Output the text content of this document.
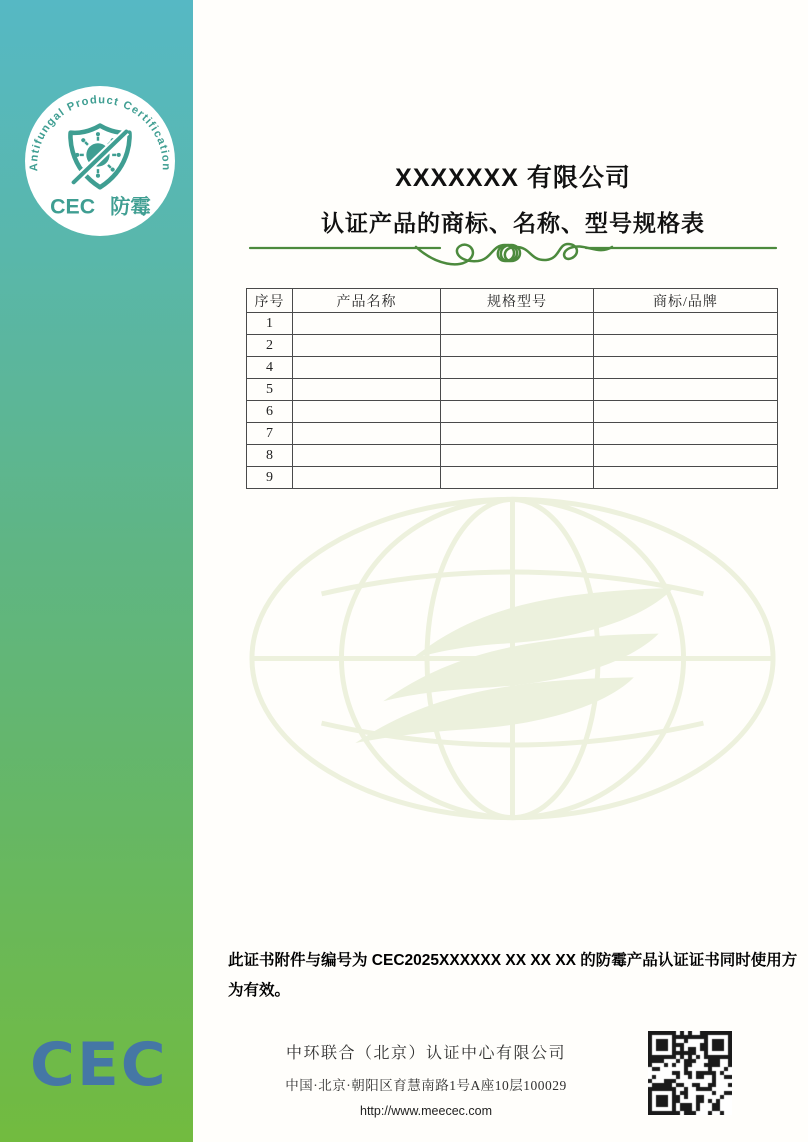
Antifungal Product Certification
CEC 防霉
XXXXXXX 有限公司
认证产品的商标、名称、型号规格表
序号	产品名称	规格型号	商标/品牌
1			
2			
4			
5			
6			
7			
8			
9			
此证书附件与编号为 CEC2025XXXXXX XX XX XX 的防霉产品认证证书同时使用方为有效。
CEC	中环联合（北京）认证中心有限公司
中国·北京·朝阳区育慧南路1号A座10层100029
http://www.meecec.com
